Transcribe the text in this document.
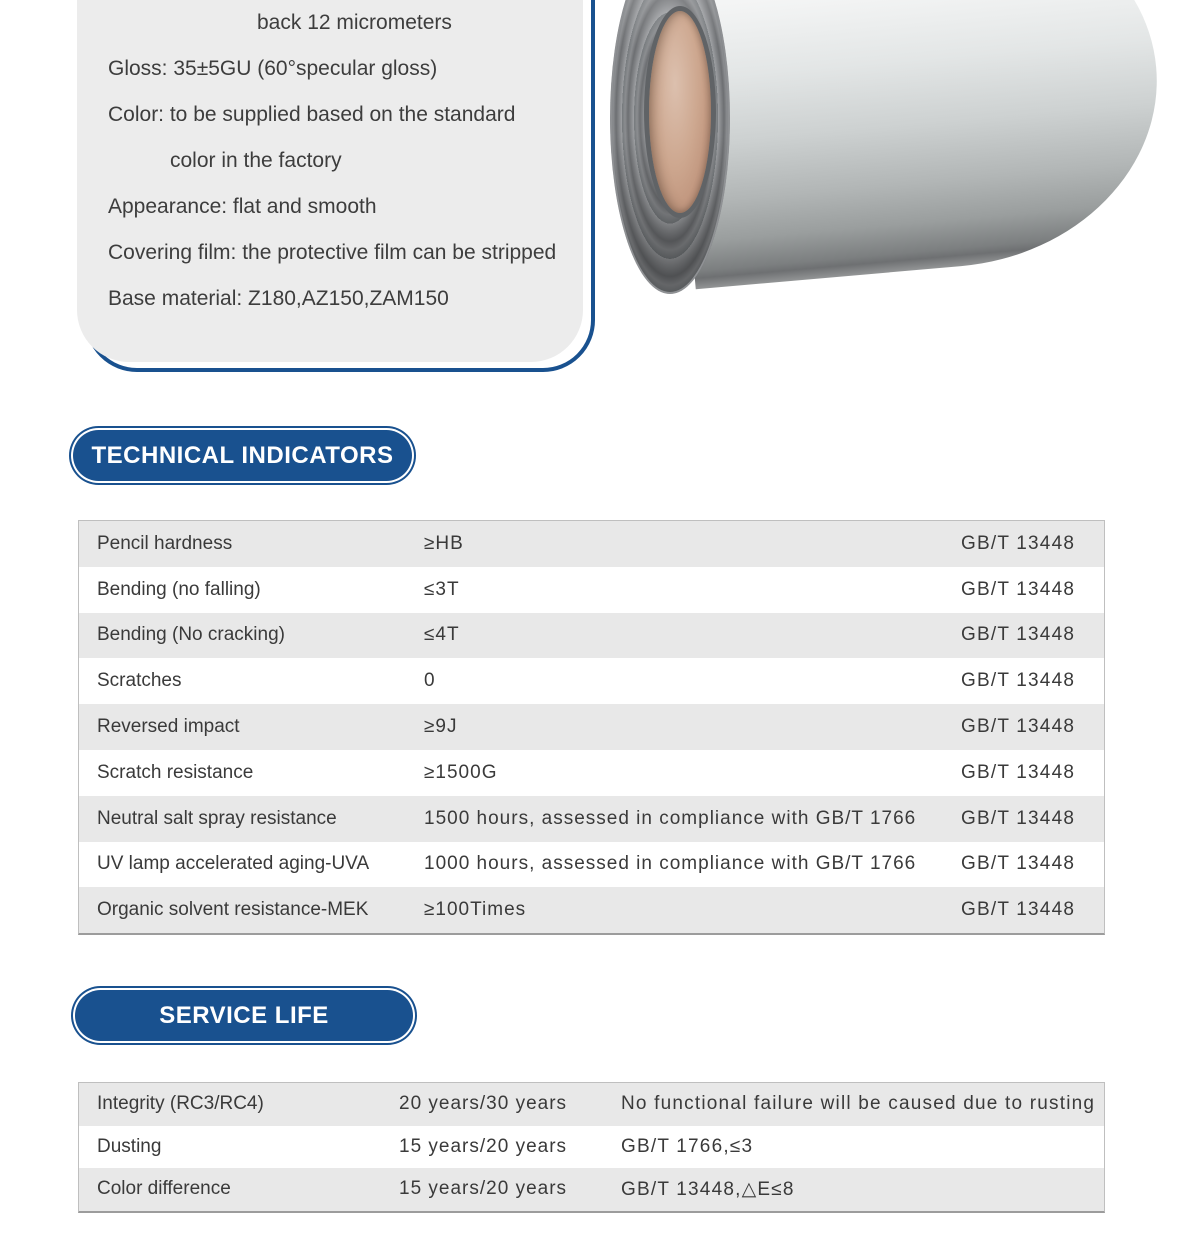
back 12 micrometers
Gloss: 35±5GU (60°specular gloss)
Color: to be supplied based on the standard
color in the factory
Appearance: flat and smooth
Covering film: the protective film can be stripped
Base material: Z180,AZ150,ZAM150
TECHNICAL INDICATORS
Pencil hardness	≥HB	GB/T 13448
Bending (no falling)	≤3T	GB/T 13448
Bending (No cracking)	≤4T	GB/T 13448
Scratches	0	GB/T 13448
Reversed impact	≥9J	GB/T 13448
Scratch resistance	≥1500G	GB/T 13448
Neutral salt spray resistance	1500 hours, assessed in compliance with GB/T 1766	GB/T 13448
UV lamp accelerated aging-UVA	1000 hours, assessed in compliance with GB/T 1766	GB/T 13448
Organic solvent resistance-MEK	≥100Times	GB/T 13448
SERVICE LIFE
Integrity (RC3/RC4)	20 years/30 years	No functional failure will be caused due to rusting
Dusting	15 years/20 years	GB/T 1766,≤3
Color difference	15 years/20 years	GB/T 13448,△E≤8
